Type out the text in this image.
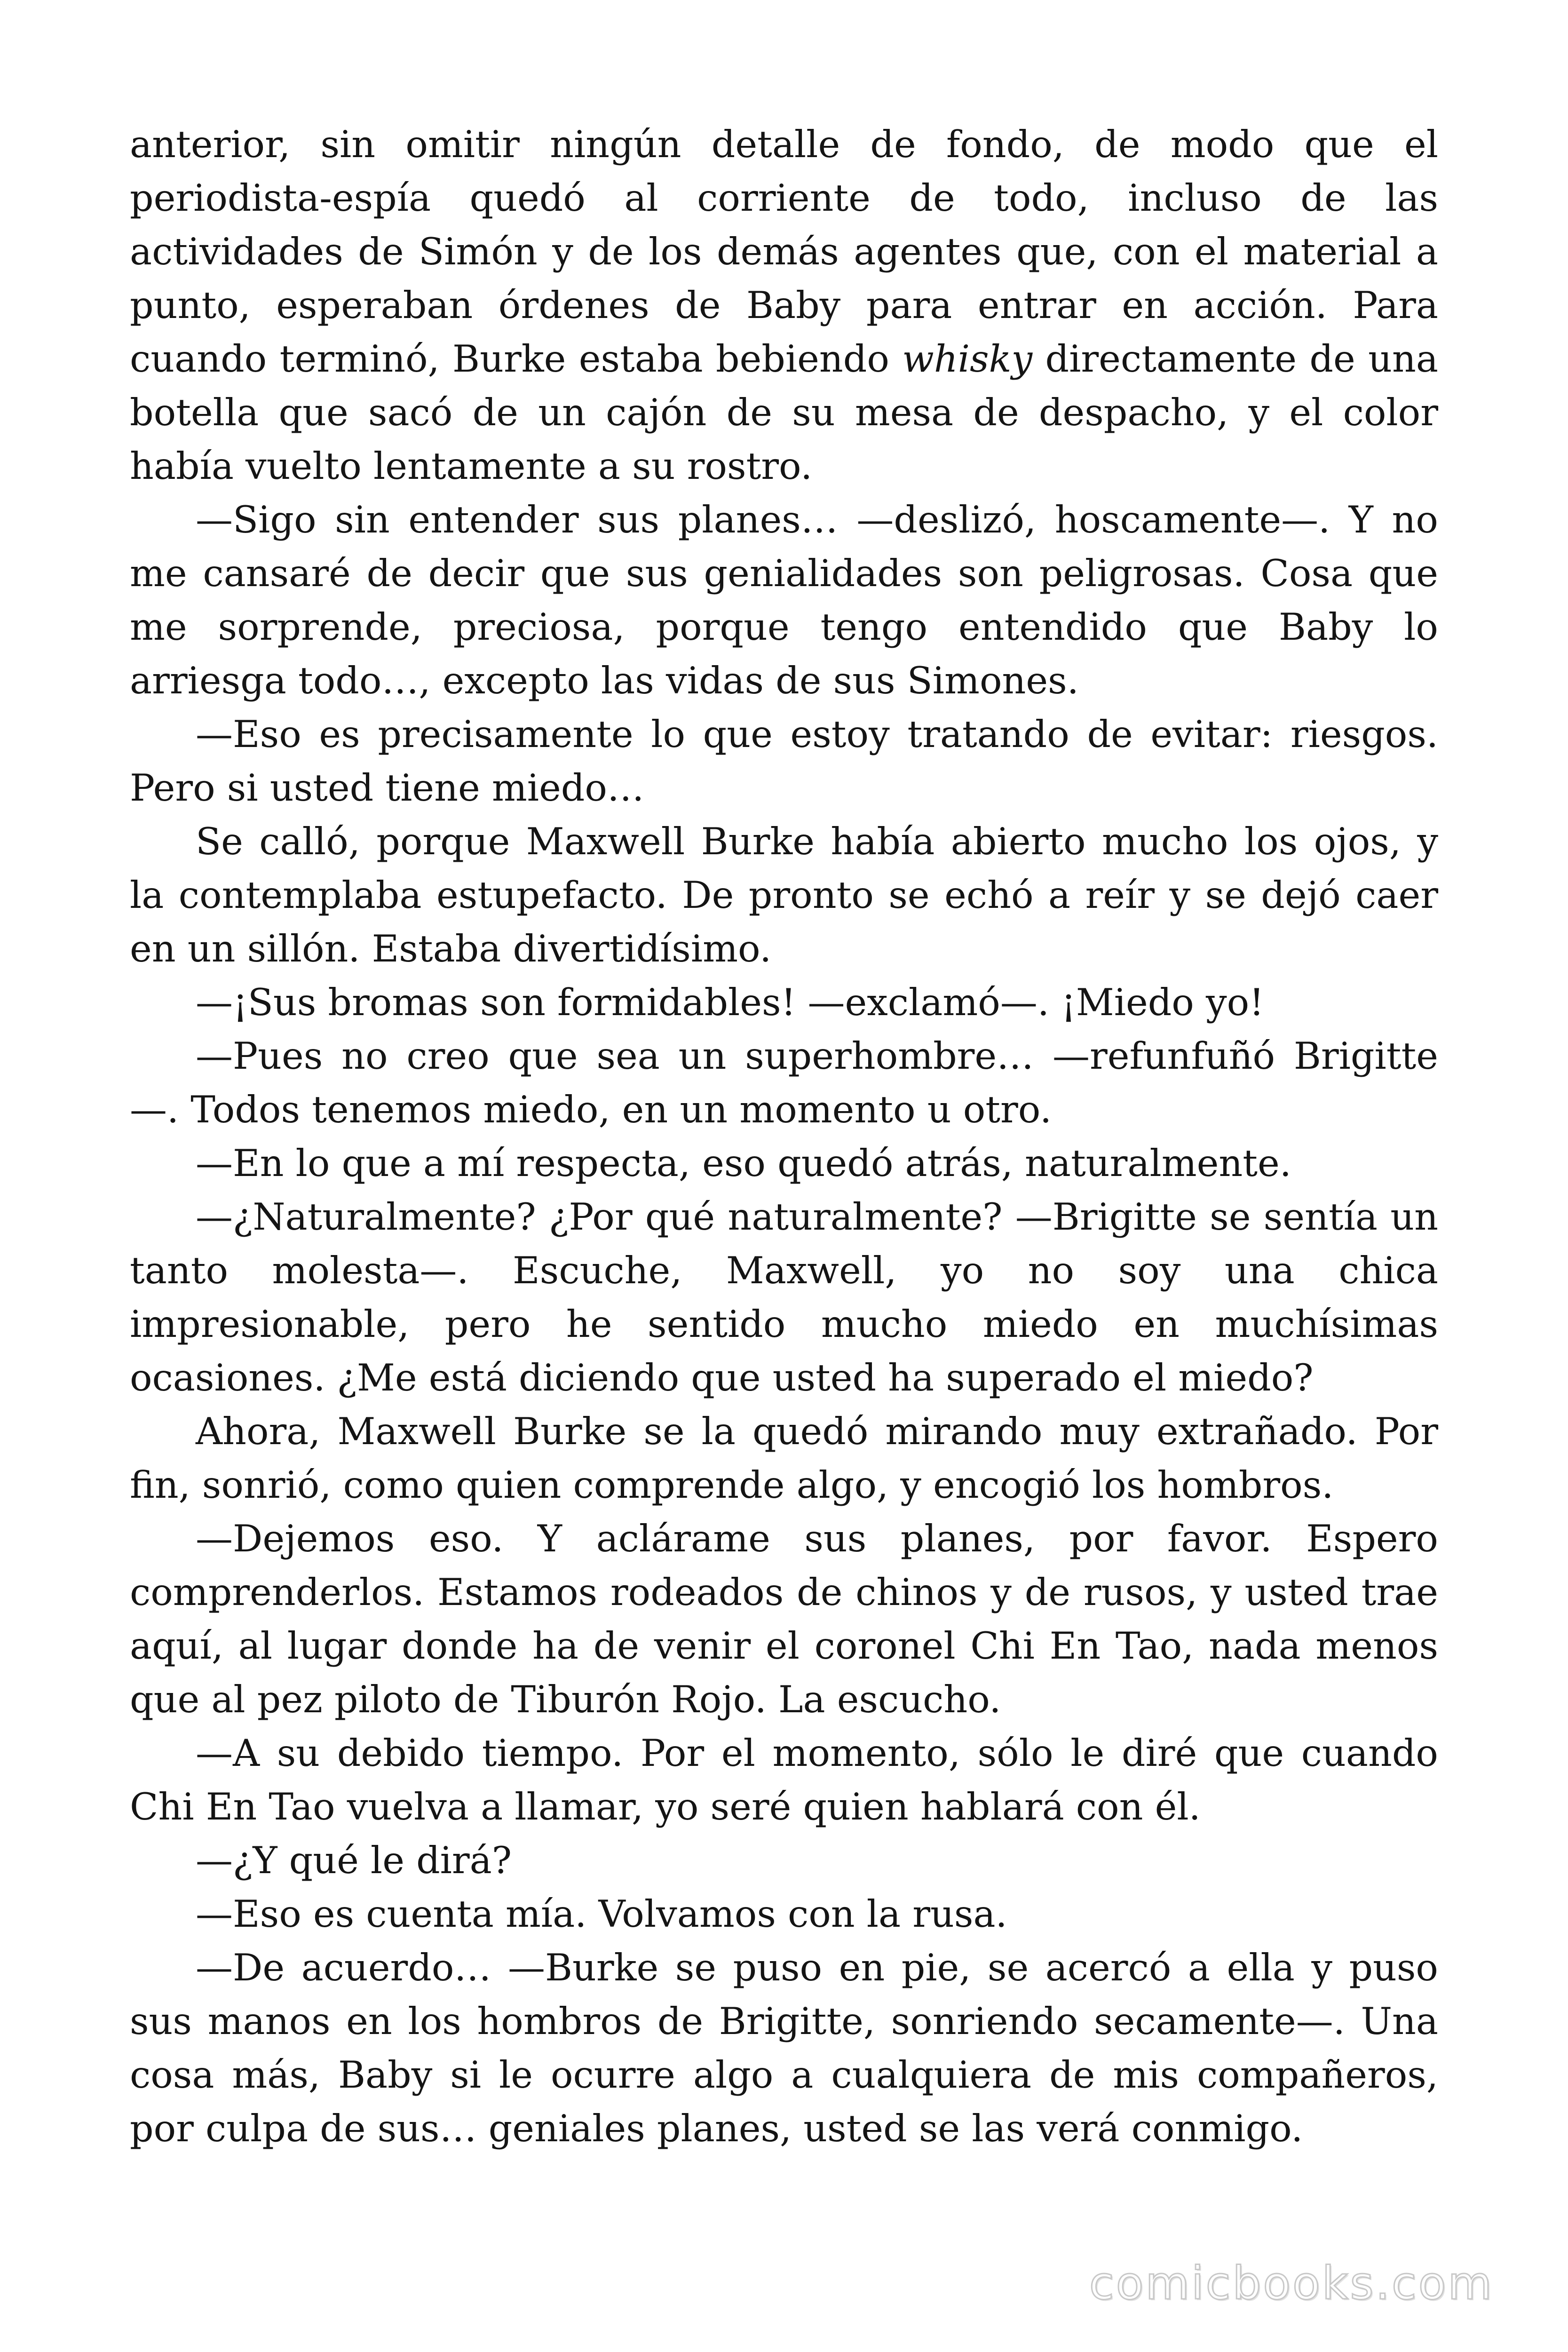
anterior, sin omitir ningún detalle de fondo, de modo que el periodista-espía quedó al corriente de todo, incluso de las actividades de Simón y de los demás agentes que, con el material a punto, esperaban órdenes de Baby para entrar en acción. Para cuando terminó, Burke estaba bebiendo whisky directamente de una botella que sacó de un cajón de su mesa de despacho, y el color había vuelto lentamente a su rostro.

—Sigo sin entender sus planes… —deslizó, hoscamente—. Y no me cansaré de decir que sus genialidades son peligrosas. Cosa que me sorprende, preciosa, porque tengo entendido que Baby lo arriesga todo…, excepto las vidas de sus Simones.

—Eso es precisamente lo que estoy tratando de evitar: riesgos. Pero si usted tiene miedo…

Se calló, porque Maxwell Burke había abierto mucho los ojos, y la contemplaba estupefacto. De pronto se echó a reír y se dejó caer en un sillón. Estaba divertidísimo.

—¡Sus bromas son formidables! —exclamó—. ¡Miedo yo!

—Pues no creo que sea un superhombre… —refunfuñó Brigitte —. Todos tenemos miedo, en un momento u otro.

—En lo que a mí respecta, eso quedó atrás, naturalmente.

—¿Naturalmente? ¿Por qué naturalmente? —Brigitte se sentía un tanto molesta—. Escuche, Maxwell, yo no soy una chica impresionable, pero he sentido mucho miedo en muchísimas ocasiones. ¿Me está diciendo que usted ha superado el miedo?

Ahora, Maxwell Burke se la quedó mirando muy extrañado. Por fin, sonrió, como quien comprende algo, y encogió los hombros.

—Dejemos eso. Y aclárame sus planes, por favor. Espero comprenderlos. Estamos rodeados de chinos y de rusos, y usted trae aquí, al lugar donde ha de venir el coronel Chi En Tao, nada menos que al pez piloto de Tiburón Rojo. La escucho.

—A su debido tiempo. Por el momento, sólo le diré que cuando Chi En Tao vuelva a llamar, yo seré quien hablará con él.

—¿Y qué le dirá?

—Eso es cuenta mía. Volvamos con la rusa.

—De acuerdo… —Burke se puso en pie, se acercó a ella y puso sus manos en los hombros de Brigitte, sonriendo secamente—. Una cosa más, Baby si le ocurre algo a cualquiera de mis compañeros, por culpa de sus… geniales planes, usted se las verá conmigo.

comicbooks.com
